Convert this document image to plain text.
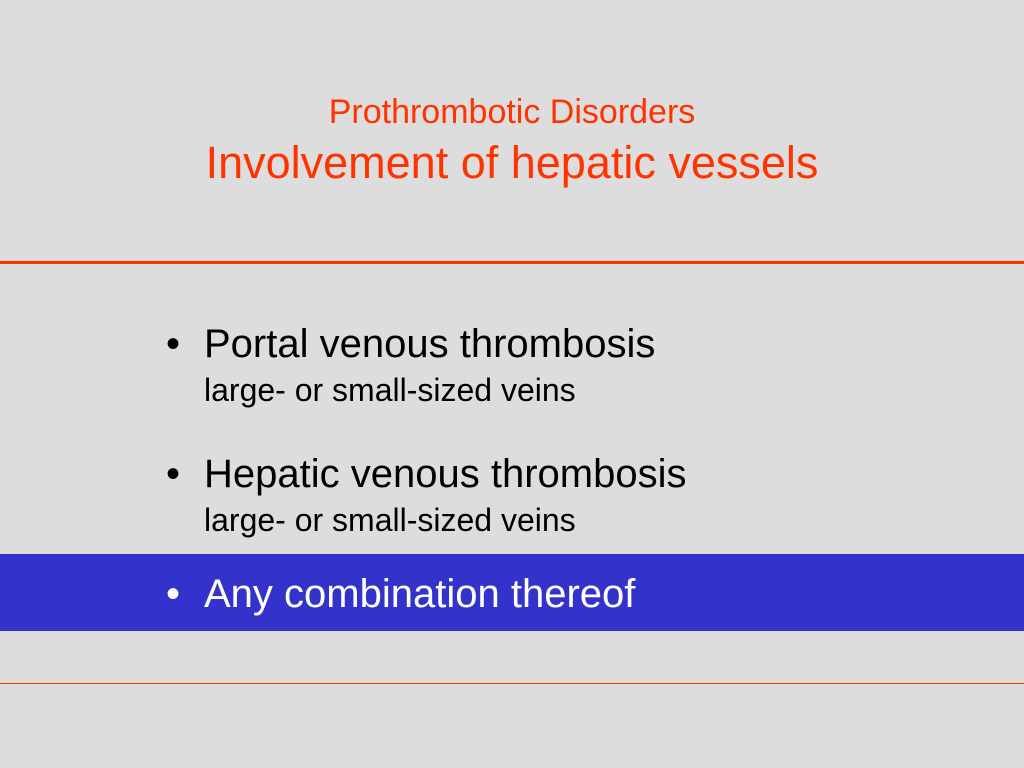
Prothrombotic Disorders
Involvement of hepatic vessels
• Portal venous thrombosis
large- or small-sized veins
• Hepatic venous thrombosis
large- or small-sized veins
• Any combination thereof
